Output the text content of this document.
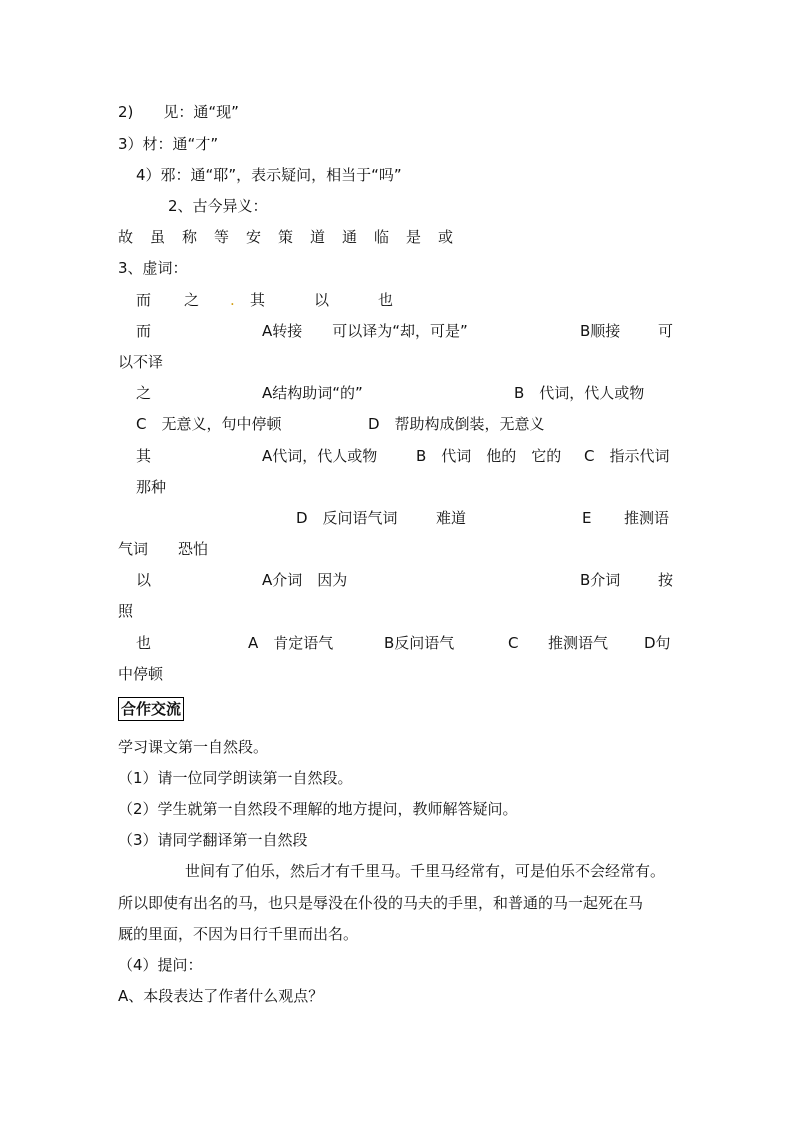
2)　　见：通“现”
3）材：通“才”
4）邪：通“耶”，表示疑问，相当于“吗”
2、古今异义：
故虽称等安策道通临是或
3、虚词：
而 之 . 其	以	也
而	A转接　　可以译为“却，可是”	B顺接	可
以不译
之	A结构助词“的”	B　代词，代人或物
C　无意义，句中停顿	D　帮助构成倒装，无意义
其	A代词，代人或物	B　代词　他的　它的 C　指示代词
那种
D　反问语气词	难道	E 推测语
气词　　恐怕
以	A介词　因为	B介词	按
照
也	A　肯定语气	B反问语气	C 推测语气 D句
中停顿
合作交流
学习课文第一自然段。
（1）请一位同学朗读第一自然段。
（2）学生就第一自然段不理解的地方提问，教师解答疑问。
（3）请同学翻译第一自然段
世间有了伯乐，然后才有千里马。千里马经常有，可是伯乐不会经常有。
所以即使有出名的马，也只是辱没在仆役的马夫的手里，和普通的马一起死在马
厩的里面，不因为日行千里而出名。
（4）提问：
A、本段表达了作者什么观点？
